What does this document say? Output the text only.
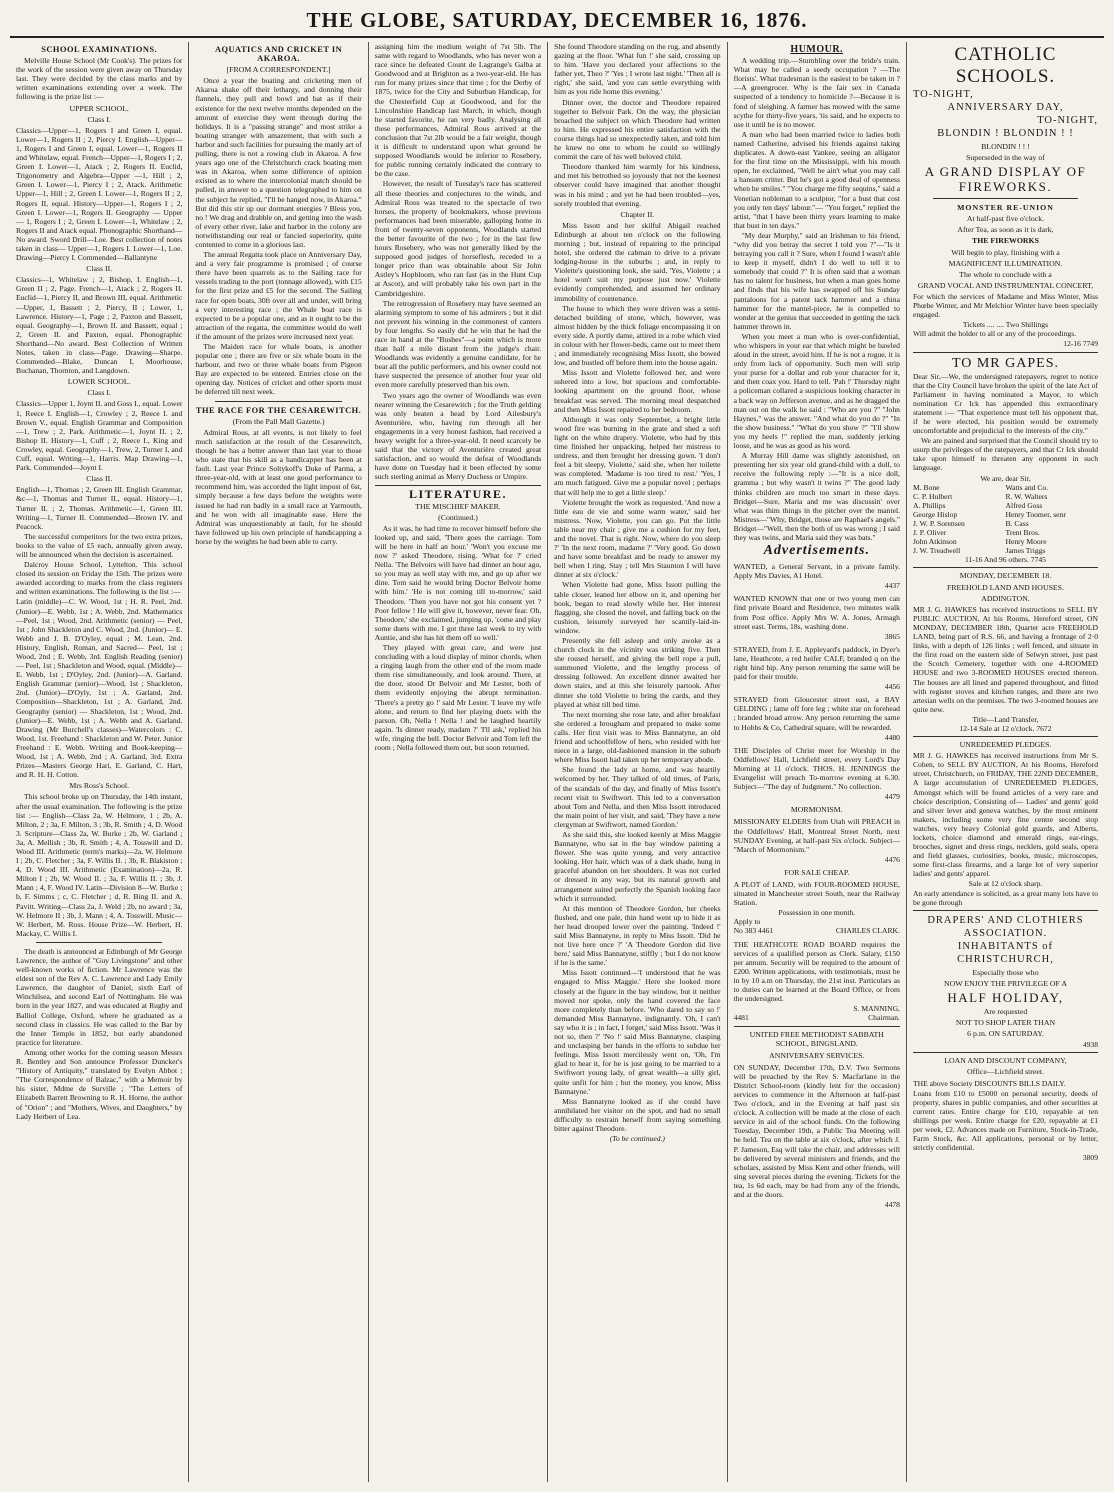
THE GLOBE, SATURDAY, DECEMBER 16, 1876.
SCHOOL EXAMINATIONS.

Melville House School (Mr Cook's). The prizes for the work of the session were given away on Thursday last. They were decided by the class marks and by written examinations extending over a week. The following is the prize list :—

UPPER SCHOOL.
Class I.

Classics—Upper—1, Rogers I and Green I, equal. Lower—1, Rogers II ; 2, Piercy I. English—Upper—1, Rogers I and Green I, equal. Lower—1, Rogers II and Whitelaw, equal. French—Upper—1, Rogers I ; 2, Green I. Lower—1, Atack ; 2, Rogers II. Euclid, Trigonometry and Algebra—Upper —1, Hill ; 2, Green I. Lower—1, Piercy I ; 2, Atack. Arithmetic Upper—1, Hill ; 2, Green I. Lower—1, Rogers II ; 2, Rogers II, equal. History—Upper—1, Rogers I ; 2, Green I. Lower—1, Rogers II. Geography — Upper — 1, Rogers I ; 2, Green I. Lower—1, Whitelaw ; 2, Rogers II and Atack equal. Phonographic Shorthand—No award. Sword Drill—Loe. Best collection of notes taken in class— Upper—1, Rogers I. Lower—1, Loe. Drawing—Piercy I. Commended—Ballantyne

Class II.

Classics—1, Whitelaw ; 2, Bishop, I. English—1, Green II ; 2, Page. French—1, Atack ; 2, Rogers II. Euclid—1, Piercy II, and Brown III, equal. Arithmetic—Upper, 1, Bassett ; 2, Piercy, II ; Lower, 1, Lawrence. History—1, Page ; 2, Paxton and Bassett, equal. Geography—1, Brown II. and Bassett, equal ; 2, Green II. and Paxton, equal. Phonographic Shorthand—No award. Best Collection of Written Notes, taken in class—Page. Drawing—Sharpe. Commended—Blake, Duncan I, Moorhouse, Buchanan, Thornton, and Langdown.

LOWER SCHOOL.
Class I.

Classics—Upper 1, Joynt II. and Goss I., equal. Lower 1, Reece I. English—1, Crowley ; 2, Reece I. and Brown V., equal. English Grammar and Composition—1, Trew ; 2, Park. Arithmetic—1, Joynt II. ; 2, Bishop II. History—1, Cuff ; 2, Reece I., King and Crowley, equal. Geography—1, Trew, 2, Turner I, and Cuff, equal. Writing—1, Harris. Map Drawing—1, Park. Commended—Joynt I.

Class II.

English—1, Thomas ; 2, Green III. English Grammar, &c—1, Thomas and Turner II., equal. History—1, Turner II. ; 2, Thomas. Arithmetic—1, Green III. Writing—1, Turner II. Commended—Brown IV. and Peacock.

The successful competitors for the two extra prizes, books to the value of £5 each, annually given away, will be announced when the decision is ascertained.

Dalcroy House School, Lyttelton. This school closed its session on Friday the 15th. The prizes were awarded according to marks from the class registers and written examinations. The following is the list :—

Latin (middle)—C. W. Wood, 1st ; H. R. Peel, 2nd. (Junior)—E. Webb, 1st ; A. Webb, 2nd. Mathematics—Peel, 1st ; Wood, 2nd. Arithmetic (senior) — Peel, 1st ; John Shackleton and C. Wood, 2nd. (Junior)— E. Webb and J. B. D'Oyley, equal ; M. Lean, 2nd. History, English, Roman, and Sacred— Peel, 1st ; Wood, 2nd ; E. Webb, 3rd. English Reading (senior) — Peel, 1st ; Shackleton and Wood, equal. (Middle)— E. Webb, 1st ; D'Oyley, 2nd. (Junior)—A. Garland. English Grammar (senior)—Wood, 1st ; Shackleton, 2nd. (Junior)—D'Oyly, 1st ; A. Garland, 2nd. Composition—Shackleton, 1st ; A. Garland, 2nd. Geography (senior) — Shackleton, 1st ; Wood, 2nd. (Junior)—E. Webb, 1st ; A. Webb and A. Garland. Drawing (Mr Burchell's classes)—Watercolors : C. Wood, 1st. Freehand : Shackleton and W. Peter. Junior Freehand : E. Webb. Writing and Book-keeping—Wood, 1st ; A. Webb, 2nd ; A. Garland, 3rd. Extra Prizes—Masters George Hari, E. Garland, C. Hart, and R. H. H. Cotton.

Mrs Ross's School.

This school broke up on Thursday, the 14th instant, after the usual examination. The following is the prize list :— English—Class 2a, W. Helmore, 1 ; 2b, A. Milton, 2 ; 3a, F. Milton, 3 ; 3b, R. Smith ; 4, D. Wood 3. Scripture—Class 2a, W. Burke ; 2b, W. Garland ; 3a, A. Mellish ; 3b, R. Smith ; 4, A. Tosswill and D. Wood III. Arithmetic (term's marks)—2a, W. Helmore I ; 2b, C. Fletcher ; 3a, F. Willis II. ; 3b, R. Blakiston ; 4, D. Wood III. Arithmetic (Examination)—2a, R. Milton I ; 2b, W. Wood II. ; 3a, F. Willis II. ; 3b, J. Mann ; 4, F. Wood IV. Latin—Division 8—W. Burke ; b, F. Simms ; c, C. Fletcher ; d, R. Bing II. and A. Pavitt. Writing—Class 2a, J. Weld ; 2b, no award ; 3a, W. Helmore II ; 3b, J. Mann ; 4, A. Tosswill. Music—W. Herbert, M. Ross. House Prize—W. Herbert, H. Mackay, C. Willis I.

The death is announced at Edinburgh of Mr George Lawrence, the author of "Guy Livingstone" and other well-known works of fiction. Mr Lawrence was the eldest son of the Rev A. C. Lawrence and Lady Emily Lawrence, the daughter of Daniel, sixth Earl of Winchilsea, and second Earl of Nottingham. He was born in the year 1827, and was educated at Rugby and Balliol College, Oxford, where he graduated as a second class in classics. He was called to the Bar by the Inner Temple in 1852, but early abandoned practice for literature.

Among other works for the coming season Messrs R. Bentley and Son announce Professor Duncker's "History of Antiquity," translated by Evelyn Abbot ; "The Correspondence of Balzac," with a Memoir by his sister, Mdme de Surville ; "The Letters of Elizabeth Barrett Browning to R. H. Horne, the author of "Orion" ; and "Mothers, Wives, and Daughters," by Lady Herbert of Lea.

AQUATICS AND CRICKET IN AKAROA.
[FROM A CORRESPONDENT.]

Once a year the boating and cricketing men of Akaroa shake off their lethargy, and donning their flannels, they pull and bowl and bat as if their existence for the next twelve months depended on the amount of exercise they went through during the holidays. It is a "passing strange" and most strike a boating stranger with amazement, that with such a harbor and such facilities for pursuing the manly art of pulling, there is not a rowing club in Akaroa. A few years ago one of the Christchurch crack boating men was in Akaroa, when some difference of opinion existed as to where the intercolonial match should be pulled, in answer to a question telegraphed to him on the subject he replied, "I'll be hanged now, in Akaroa." But did this stir up our dormant energies ? Bless you, no ! We drag and drabble on, and getting into the wash of every other river, lake and harbor in the colony are notwithstanding our real or fancied superiority, quite contented to come in a glorious last.

The annual Regatta took place on Anniversary Day, and a very fair programme is promised ; of course there have been quarrels as to the Sailing race for vessels trading to the port (tonnage allowed), with £15 for the first prize and £5 for the second. The Sailing race for open boats, 30ft over all and under, will bring a very interesting race ; the Whale boat race is expected to be a popular one, and as it ought to be the attraction of the regatta, the committee would do well if the amount of the prizes were increased next year.

The Maiden race for whale boats, is another popular one ; there are five or six whale boats in the harbour, and two or three whale boats from Pigeon Bay are expected to be entered. Entries close on the opening day. Notices of cricket and other sports must be deferred till next week.

THE RACE FOR THE CESAREWITCH.
(From the Pall Mall Gazette.)

Admiral Rous, at all events, is not likely to feel much satisfaction at the result of the Cesarewitch, though he has a better answer than last year to those who state that his skill as a handicapper has been at fault. Last year Prince Soltykoff's Duke of Parma, a three-year-old, with at least one good performance to recommend him, was accorded the light impost of 6st, simply because a few days before the weights were issued he had run badly in a small race at Yarmouth, and he won with all imaginable ease. Here the Admiral was unquestionably at fault, for he should have followed up his own principle of handicapping a horse by the weights he had been able to carry.

assigning him the medium weight of 7st 5lb. The same with regard to Woodlands, who has never won a race since he defeated Count de Lagrange's Galba at Goodwood and at Brighton as a two-year-old. He has run for many prizes since that time ; for the Derby of 1875, twice for the City and Suburban Handicap, for the Chesterfield Cup at Goodwood, and for the Lincolnshire Handicap last March, in which, though he started favorite, he ran very badly. Analysing all these performances, Admiral Rous arrived at the conclusion that 7st 2lb would be a fair weight, though it is difficult to understand upon what ground he supposed Woodlands would be inferior to Rosebery, for public running certainly indicated the contrary to be the case.

However, the result of Tuesday's race has scattered all these theories and conjectures to the winds, and Admiral Rous was treated to the spectacle of two horses, the property of bookmakers, whose previous performances had been miserable, galloping home in front of twenty-seven opponents, Woodlands started the better favourite of the two ; for in the last few hours Rosebery, who was not generally liked by the supposed good judges of horseflesh, receded to a longer price than was obtainable about Sir John Astley's Hopbloom, who ran fast (as in the Hunt Cup at Ascot), and will probably take his own part in the Cambridgeshire.

The retrogression of Rosebery may have seemed an alarming symptom to some of his admirers ; but it did not prevent his winning in the commonest of canters by four lengths. So easily did he win that he had the race in hand at the "Bushes"—a point which is more than half a mile distant from the judge's chair. Woodlands was evidently a genuine candidate, for he beat all the public performers, and his owner could not have suspected the presence of another four year old even more carefully preserved than his own.

Two years ago the owner of Woodlands was even nearer winning the Cesarewitch ; for the Truth gelding was only beaten a head by Lord Ailesbury's Aventurière, who, having run through all her engagements in a very honest fashion, had received a heavy weight for a three-year-old. It need scarcely be said that the victory of Aventurière created great satisfaction, and so would the defeat of Woodlands have done on Tuesday had it been effected by some such sterling animal as Merry Duchess or Umpire.

LITERATURE.
THE MISCHIEF MAKER.
(Continued.)

As it was, he had time to recover himself before she looked up, and said, 'There goes the carriage. Tom will be here in half an hour.' 'Won't you excuse me now ?' asked Theodore, rising. 'What for ?' cried Nella. 'The Belvoirs will have had dinner an hour ago, so you may as well stay with me, and go up after we dine. Tom said he would bring Doctor Belvoir home with him.' 'He is not coming till to-morrow,' said Theodore. 'Then you have not got his consent yet ? Poor fellow ! He will give it, however, never fear. Oh, Theodore,' she exclaimed, jumping up, 'come and play some duets with me. I got three last week to try with Auntie, and she has hit them off so well.'

They played with great care, and were just concluding with a loud display of minor chords, when a ringing laugh from the other end of the room made them rise simultaneously, and look around. There, at the door, stood Dr Belvoir and Mr Lester, both of them evidently enjoying the abrupt termination. 'There's a pretty go !' said Mr Lester. 'I leave my wife alone, and return to find her playing duets with the parson. Oh, Nella ! Nella ! and he laughed heartily again. 'Is dinner ready, madam ?' 'I'll ask,' replied his wife, ringing the bell. Doctor Belvoir and Tom left the room ; Nella followed them out, but soon returned.

She found Theodore standing on the rug, and absently gazing at the floor. 'What fun !' she said, crossing up to him. 'Have you declared your affections to the father yet, Theo ?' 'Yes ; I wrote last night.' 'Then all is right,' she said, 'and you can settle everything with him as you ride home this evening.'

Dinner over, the doctor and Theodore repaired together to Belvoir Park. On the way, the physician broached the subject on which Theodore had written to him. He expressed his entire satisfaction with the course things had so unexpectedly taken, and told him he knew no one to whom he could so willingly commit the care of his well beloved child.

Theodore thanked him warmly for his kindness, and met his betrothed so joyously that not the keenest observer could have imagined that another thought was in his mind ; and yet he had been troubled—yes, sorely troubled that evening.

Chapter II.

Miss Issott and her skilful Abigail reached Edinburgh at about ten o'clock on the following morning ; but, instead of repairing to the principal hotel, she ordered the cabman to drive to a private lodging-house in the suburbs ; and, in reply to Violette's questioning look, she said, 'Yes, Violette ; a hotel won't suit my purpose just now.' Violette evidently comprehended, and assumed her ordinary immobility of countenance.

The house to which they were driven was a semi-detached building of stone, which, however, was almost hidden by the thick foliage encompassing it on every side. A portly dame, attired in a robe which vied in colour with her flower-beds, came out to meet them ; and immediately recognising Miss Issott, she bowed low, and bustled off before them into the house again.

Miss Issott and Violette followed her, and were ushered into a low, but spacious and comfortable-looking apartment on the ground floor, whose breakfast was served. The morning meal despatched and then Miss Issott repaired to her bedroom.

Although it was only September, a bright little wood fire was burning in the grate and shed a soft light on the white drapery. Violette, who had by this time finished her unpacking, helped her mistress to undress, and then brought her dressing gown. 'I don't feel a bit sleepy, Violette,' said she, when her toilette was completed. 'Madame is too tired to rest.' 'Yes, I am much fatigued. Give me a popular novel ; perhaps that will help me to get a little sleep.'

Violette brought the work as requested. 'And now a little eau de vie and some warm water,' said her mistress. 'Now, Violette, you can go. Put the little table near my chair ; give me a cushion for my feet, and the novel. That is right. Now, where do you sleep ?' 'In the next room, madame ?' 'Very good. Go down and have some breakfast and be ready to answer my bell when I ring. Stay ; tell Mrs Staunton I will have dinner at six o'clock.'

When Violette had gone, Miss Issott pulling the table closer, leaned her elbow on it, and opening her book, began to read slowly while her. Her interest flagging, she closed the novel, and falling back on the cushion, leisurely surveyed her scantily-laid-in-window.

Presently she fell asleep and only awoke as a church clock in the vicinity was striking five. Then she roused herself, and giving the bell rope a pull, summoned Violette, and the lengthy process of dressing followed. An excellent dinner awaited her down stairs, and at this she leisurely partook. After dinner she told Violette to bring the cards, and they played at whist till bed time.

The next morning she rose late, and after breakfast she ordered a brougham and prepared to make some calls. Her first visit was to Miss Bannatyne, an old friend and schoolfellow of hers, who resided with her niece in a large, old-fashioned mansion in the suburb where Miss Issott had taken up her temporary abode.

She found the lady at home, and was heartily welcomed by her. They talked of old times, of Paris, of the scandals of the day, and finally of Miss Issott's recent visit to Swiftwort. This led to a conversation about Tom and Nella, and then Miss Issott introduced the main point of her visit, and said, 'They have a new clergyman at Swiftwort, named Gordon.'

As she said this, she looked keenly at Miss Maggie Bannatyne, who sat in the bay window painting a flower. She was quite young, and very attractive looking. Her hair, which was of a dark shade, hung in graceful abandon on her shoulders. It was not curled or dressed in any way, but its natural growth and arrangement suited perfectly the Spanish looking face which it surrounded.

At this mention of Theodore Gordon, her cheeks flushed, and one pale, thin hand went up to hide it as her head drooped lower over the painting. 'Indeed !' said Miss Bannatyne, in reply to Miss Issott. 'Did he not live here once ?' 'A Theodore Gordon did live here,' said Miss Bannatyne, stiffly ; 'but I do not know if he is the same.'

Miss Issott continued—'I understood that he was engaged to Miss Maggie.' Here she looked more closely at the figure in the bay window, but it neither moved nor spoke, only the hand covered the face more completely than before. 'Who dared to say so !' demanded Miss Bannatyne, indignantly. 'Oh, I can't say who it is ; in fact, I forget,' said Miss Issott. 'Was it not so, then ?' 'No !' said Miss Bannatyne, clasping and unclasping her hands in the efforts to subdue her feelings. Miss Issott mercilessly went on, 'Oh, I'm glad to hear it, for he is just going to be married to a Swiftwort young lady, of great wealth—a silly girl, quite unfit for him ; but the money, you know, Miss Bannatyne.'

Miss Bannatyne looked as if she could have annihilated her visitor on the spot, and had no small difficulty to restrain herself from saying something bitter against Theodore.

(To be continued.)
HUMOUR.

A wedding trip.—Stumbling over the bride's train. What may be called a seedy occupation ? —The florists'. What tradesman is the easiest to be taken in ?—A greengrocer. Why is the fair sex in Canada suspected of a tendency to homicide ?—Because it is fond of sleighing. A farmer has mowed with the same scythe for thirty-five years, 'tis said, and he expects to use it until he is no mower.

A man who had been married twice to ladies both named Catherine, advised his friends against taking duplicates. A down-east Yankee, seeing an alligator for the first time on the Mississippi, with his mouth open, he exclaimed, "Well he ain't what you may call a hansum critter. But he's got a good deal of openness when he smiles." "You charge me fifty sequins," said a Venetian nobleman to a sculptor, "for a bust that cost you only ten days' labour."— "You forget," replied the artist, "that I have been thirty years learning to make that bust in ten days."

"My dear Murphy," said an Irishman to his friend, "why did you betray the secret I told you ?"—"Is it betraying you call it ? Sure, when I found I wasn't able to keep it myself, didn't I do well to tell it to somebody that could ?" It is often said that a woman has no talent for business, but when a man goes home and finds that his wife has swapped off his Sunday pantaloons for a patent tack hammer and a china hammer for the mantel-piece, he is compelled to wonder at the genius that succeeded in getting the tack hammer thrown in.

When you meet a man who is over-confidential, who whispers in your ear that which might be bawled aloud in the street, avoid him. If he is not a rogue, it is only from lack of opportunity. Such men will strip your purse for a dollar and rob your character for it, and then coax you. Hard to tell. 'Pah !' Thursday night a policeman collared a suspicious looking character in a back way on Jefferson avenue, and as he dragged the man out on the walk he said : "Who are you ?" "John Haynes," was the answer. "And what do you do ?" "In the show business." "What do you show ?" "I'll show you my heels !" replied the man, suddenly jerking loose, and he was as good as his word.

A Murray Hill dame was slightly astonished, on presenting her six year old grand-child with a doll, to receive the following reply :—"It is a nice doll, gramma ; but why wasn't it twins ?" The good lady thinks children are much too smart in these days. Bridget—Sure, Maria and me was discussin' over what was thim things in the pitcher over the mantel. Mistress—"Why, Bridget, those are Raphael's angels." Bridget—"Well, then the both of us was wrong ; I said they was twins, and Maria said they was bats."

Advertisements.

WANTED, a General Servant, in a private family. Apply Mrs Davies, A1 Hotel.

4437

WANTED KNOWN that one or two young men can find private Board and Residence, two minutes walk from Post office. Apply Mrs W. A. Jones, Armagh street east. Terms, 18s, washing done.

3865

STRAYED, from J. E. Appleyard's paddock, in Dyer's lane, Heathcote, a red heifer CALF, branded q on the right hind hip. Any person returning the same will be paid for their trouble.

4456

STRAYED from Gloucester street east, a BAY GELDING ; lame off fore leg ; white star on forehead ; branded broad arrow. Any person returning the same to Hobbs & Co, Cathedral square, will be rewarded.

4480

THE Disciples of Christ meet for Worship in the Oddfellows' Hall, Lichfield street, every Lord's Day Morning at 11 o'clock. THOS. H. JENNINGS the Evangelist will preach To-morrow evening at 6.30. Subject—"The day of Judgment." No collection.

4479
MORMONISM.

MISSIONARY ELDERS from Utah will PREACH in the Oddfellows' Hall, Montreal Street North, next SUNDAY Evening, at half-past Six o'clock. Subject— "March of Mormonism."

4476
FOR SALE CHEAP.

A PLOT of LAND, with FOUR-ROOMED HOUSE, situated in Manchester street South, near the Railway Station.

Possession in one month.
Apply to
No 383 4461	CHARLES CLARK.

THE HEATHCOTE ROAD BOARD requires the services of a qualified person as Clerk. Salary, £150 per annum. Security will be required to the amount of £200. Written applications, with testimonials, must be in by 10 a.m on Thursday, the 21st inst. Particulars as to duties can be learned at the Board Office, or from the undersigned.

S. MANNING,
4481	Chairman.
UNITED FREE METHODIST SABBATH SCHOOL, BINGSLAND.
ANNIVERSARY SERVICES.

ON SUNDAY, December 17th, D.V. Two Sermons will be preached by the Rev S. Macfarlane in the District School-room (kindly lent for the occasion) services to commence in the Afternoon at half-past Two o'clock, and in the Evening at half past six o'clock. A collection will be made at the close of each service in aid of the school funds. On the following Tuesday, December 19th, a Public Tea Meeting will be held. Tea on the table at six o'clock, after which J. P. Jameson, Esq will take the chair, and addresses will be delivered by several ministers and friends, and the scholars, assisted by Miss Kent and other friends, will sing several pieces during the evening. Tickets for the tea, 1s 6d each, may be had from any of the friends, and at the doors.

4478
CATHOLIC SCHOOLS.
TO-NIGHT,
ANNIVERSARY DAY,
TO-NIGHT,
BLONDIN ! BLONDIN ! !
BLONDIN ! ! !
Superseded in the way of
A GRAND DISPLAY OF FIREWORKS.
MONSTER RE-UNION
At half-past five o'clock.
After Tea, as soon as it is dark,
THE FIREWORKS
Will begin to play, finishing with a
MAGNIFICENT ILLUMINATION.
The whole to conclude with a
GRAND VOCAL AND INSTRUMENTAL CONCERT,

For which the services of Madame and Miss Winter, Miss Phœbe Winter, and Mr Melchior Winter have been specially engaged.

Tickets .... .... Two Shillings

Will admit the holder to all or any of the proceedings.

12-16 7749
TO MR GAPES.

Dear Sir,—We, the undersigned ratepayers, regret to notice that the City Council have broken the spirit of the late Act of Parliament in having nominated a Mayor, to which nomination Cr Ick has appended this extraordinary statement :— "That experience must tell his opponent that, if he were elected, his position would be extremely uncomfortable and prejudicial to the interests of the city."

We are pained and surprised that the Council should try to usurp the privileges of the ratepayers, and that Cr Ick should take upon himself to threaten any opponent in such language.

We are, dear Sir,
M. Bone	Watts and Co.
C. P. Hulbert	R. W. Walters
A. Phillips	Alfred Goss
George Hislop	Henry Toomer, senr
J. W. P. Sorensen	B. Cass
J. P. Oliver	Trent Bros.
John Atkinson	Henry Moore
J. W. Treadwell	James Triggs
11-16 And 96 others. 7745
MONDAY, DECEMBER 18.
FREEHOLD LAND AND HOUSES.
ADDINGTON.

MR J. G. HAWKES has received instructions to SELL BY PUBLIC AUCTION, At his Rooms, Hereford street, ON MONDAY, DECEMBER 18th, Quarter acre FREEHOLD LAND, being part of R.S. 66, and having a frontage of 2·0 links, with a depth of 126 links ; well fenced, and situate in the first road on the eastern side of Selwyn street, just past the Scotch Cemetery, together with one 4-ROOMED HOUSE and two 3-ROOMED HOUSES erected thereon. The houses are all lined and papered throughout, and fitted with register stoves and kitchen ranges, and there are two artesian wells on the premises. The two 3-roomed houses are quite new.

Title—Land Transfer,
12-14 Sale at 12 o'clock. 7672
UNREDEEMED PLEDGES.

MR J. G. HAWKES has received instructions from Mr S. Cohen, to SELL BY AUCTION, At his Rooms, Hereford street, Christchurch, on FRIDAY, THE 22ND DECEMBER, A large accumulation of UNREDEEMED PLEDGES, Amongst which will be found articles of a very rare and choice description, Consisting of— Ladies' and gents' gold and silver lever and geneva watches, by the most eminent makers, including some very fine centre second stop watches, very heavy Colonial gold guards, and Alberts, lockets, choice diamond and emerald rings, ear-rings, brooches, signet and dress rings, necklets, gold seals, opera and field glasses, curiosities, books, music, microscopes, some first-class firearms, and a large lot of very superior ladies' and gents' apparel.

Sale at 12 o'clock sharp.

An early attendance is solicited, as a great many lots have to be gone through

DRAPERS' AND CLOTHIERS ASSOCIATION.
INHABITANTS of CHRISTCHURCH,
Especially those who
NOW ENJOY THE PRIVILEGE OF A
HALF HOLIDAY,
Are requested
NOT TO SHOP LATER THAN
6 p.m. ON SATURDAY.
4938
LOAN AND DISCOUNT COMPANY,
Office—Lichfield street.

THE above Society DISCOUNTS BILLS DAILY.

Loans from £10 to £5000 on personal security, deeds of property, shares in public companies, and other securities at current rates. Entire charge for £10, repayable at ten shillings per week. Entire charge for £20, repayable at £1 per week, £2. Advances made on Furniture, Stock-in-Trade, Farm Stock, &c. All applications, personal or by letter, strictly confidential.

3809
